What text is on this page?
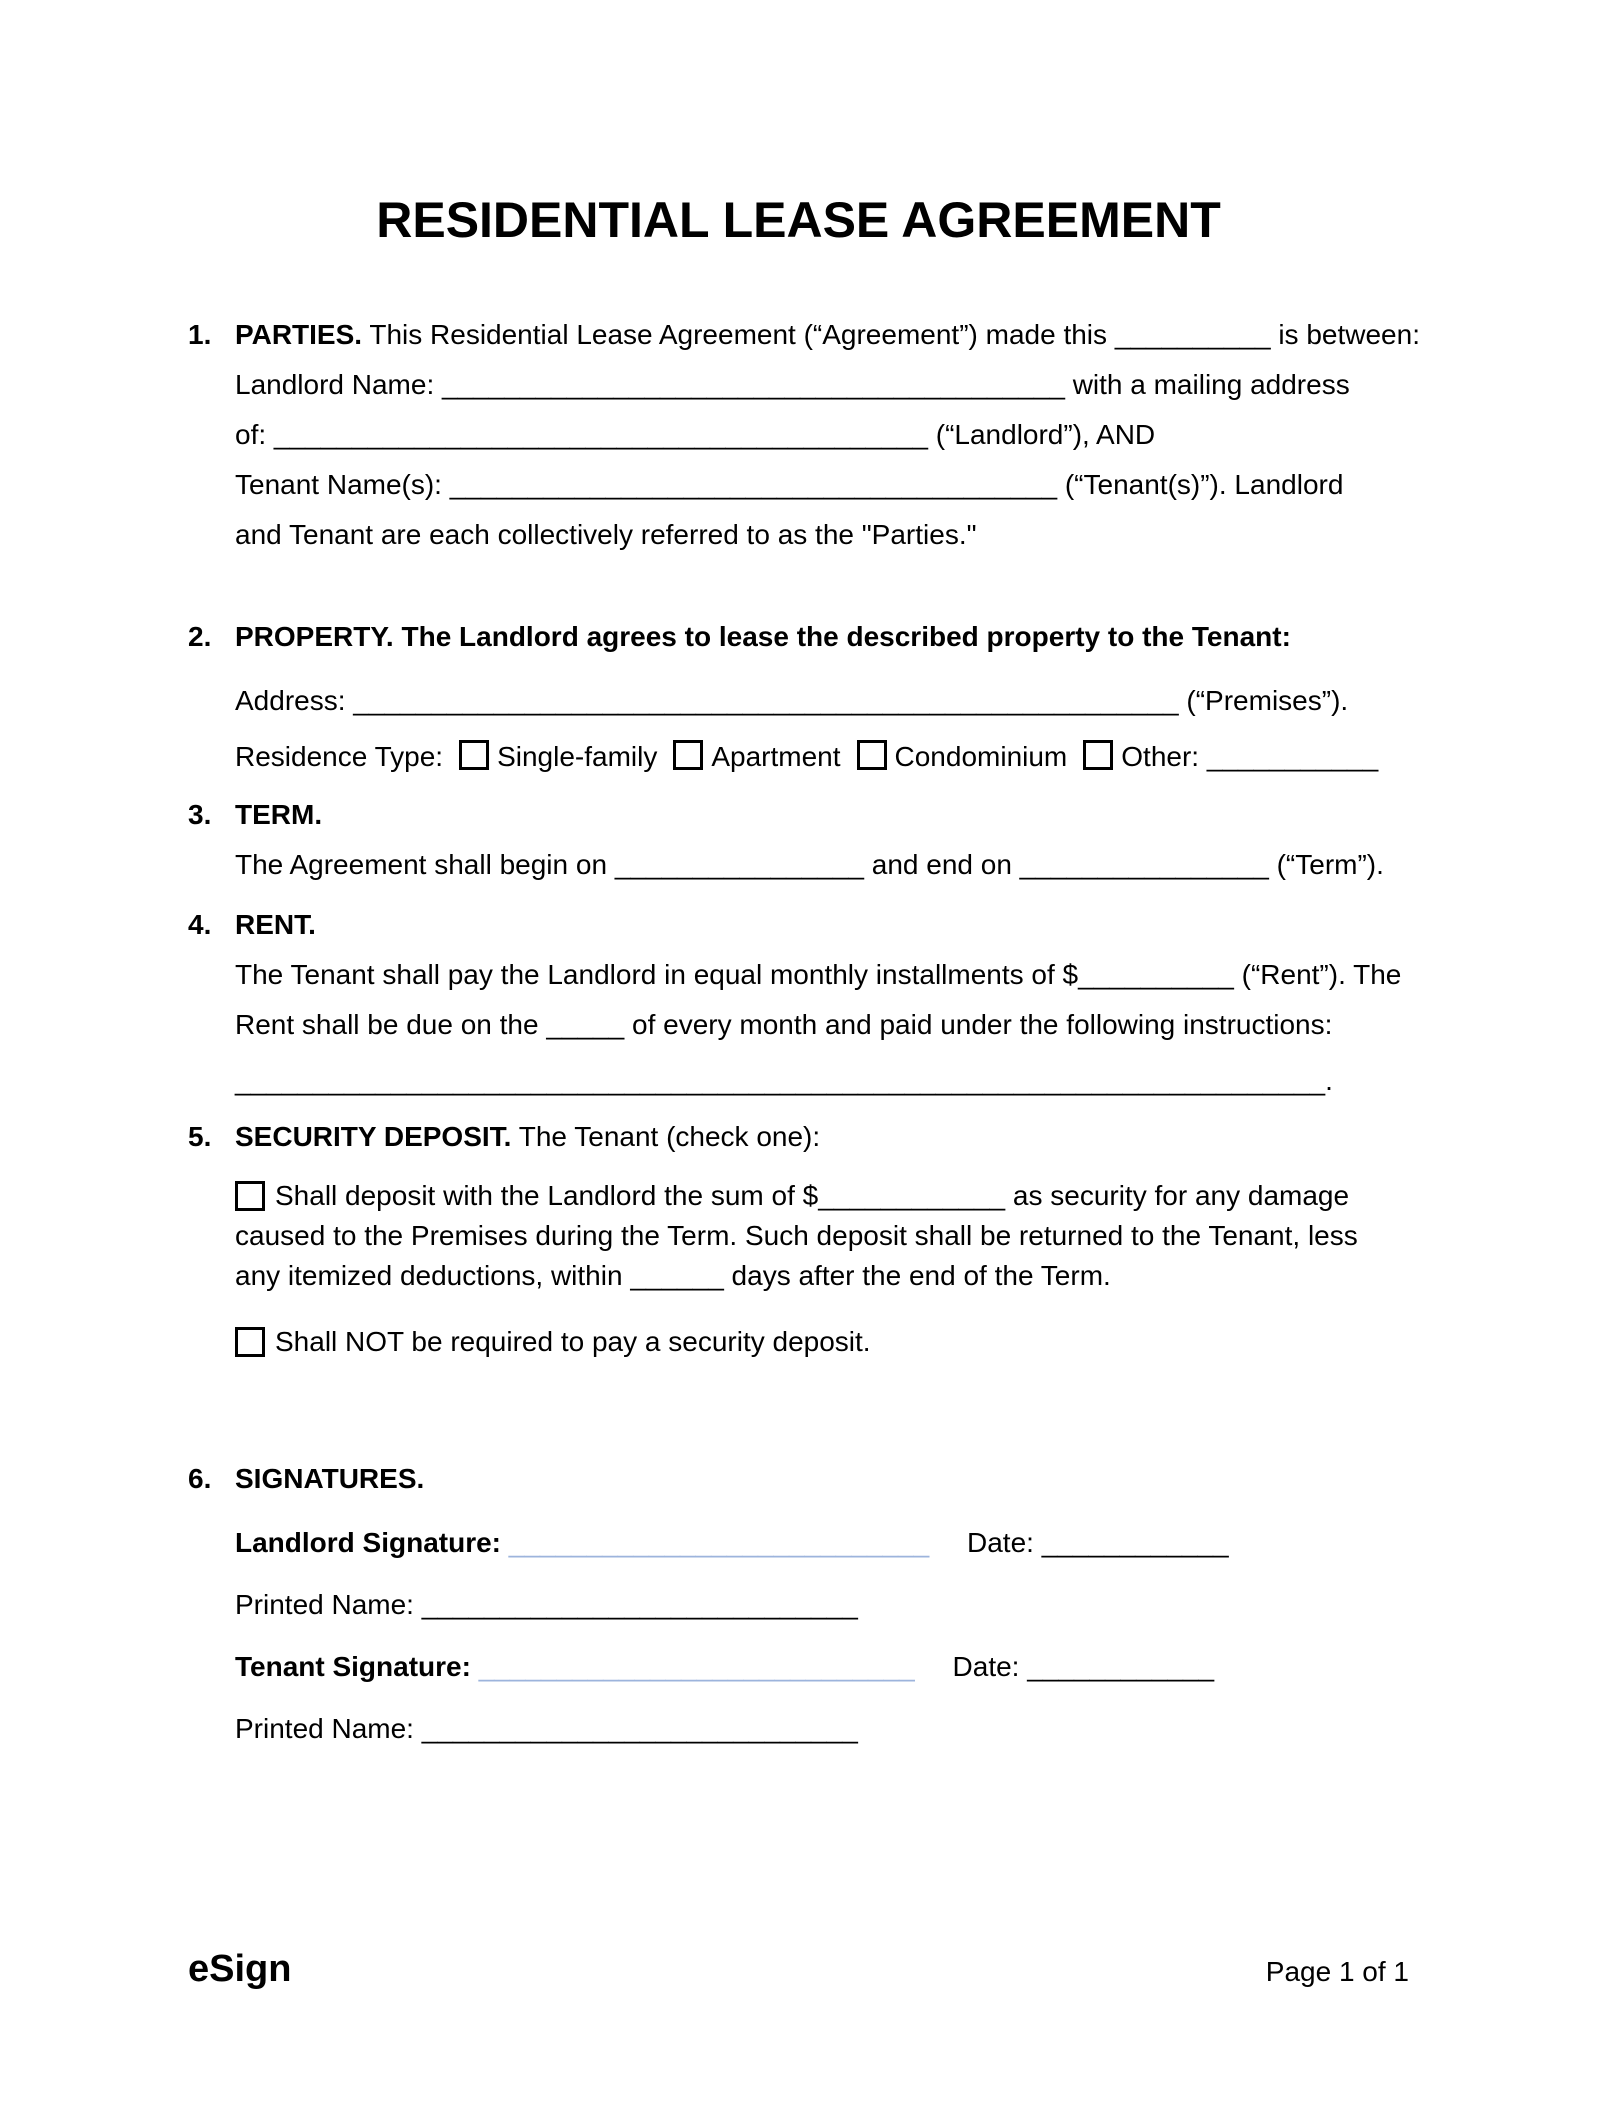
RESIDENTIAL LEASE AGREEMENT
1. PARTIES. This Residential Lease Agreement (“Agreement”) made this __________ is between:
Landlord Name: ________________________________________ with a mailing address
of: __________________________________________ (“Landlord”), AND
Tenant Name(s): _______________________________________ (“Tenant(s)”). Landlord
and Tenant are each collectively referred to as the "Parties."
2. PROPERTY. The Landlord agrees to lease the described property to the Tenant:
Address: _____________________________________________________ (“Premises”).
Residence Type: Single-family Apartment Condominium Other: ___________
3. TERM.
The Agreement shall begin on ________________ and end on ________________ (“Term”).
4. RENT.
The Tenant shall pay the Landlord in equal monthly installments of $__________ (“Rent”). The
Rent shall be due on the _____ of every month and paid under the following instructions:
______________________________________________________________________.
5. SECURITY DEPOSIT. The Tenant (check one):
Shall deposit with the Landlord the sum of $____________ as security for any damage caused to the Premises during the Term. Such deposit shall be returned to the Tenant, less any itemized deductions, within ______ days after the end of the Term.
Shall NOT be required to pay a security deposit.
6. SIGNATURES.
Landlord Signature: ___________________________ Date: ____________
Printed Name: ____________________________
Tenant Signature: ____________________________ Date: ____________
Printed Name: ____________________________
eSign	Page 1 of 1
